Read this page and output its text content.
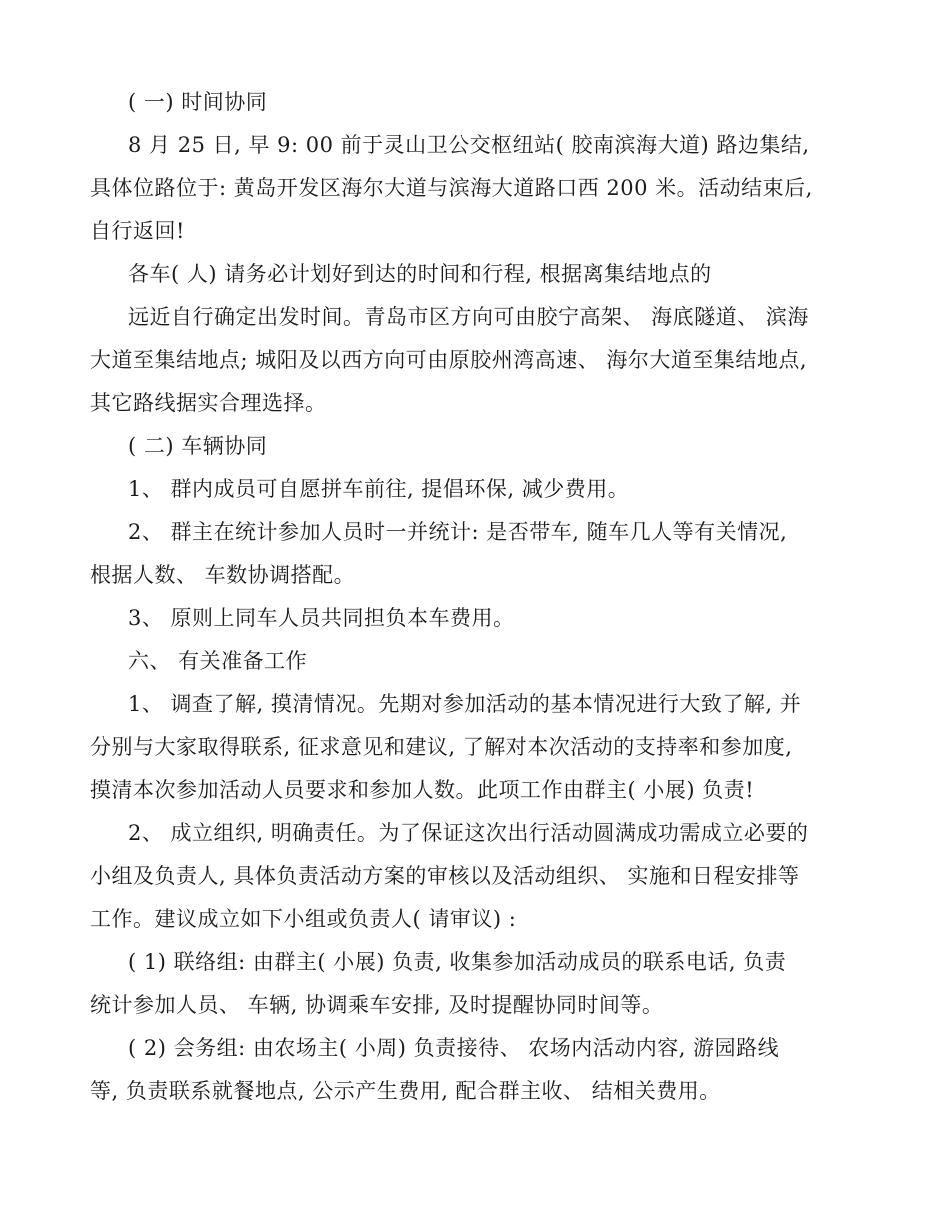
( 一) 时间协同
8 月 25 日, 早 9: 00 前于灵山卫公交枢纽站( 胶南滨海大道) 路边集结,
具体位路位于: 黄岛开发区海尔大道与滨海大道路口西 200 米。活动结束后,
自行返回!
各车( 人) 请务必计划好到达的时间和行程, 根据离集结地点的
远近自行确定出发时间。青岛市区方向可由胶宁高架、 海底隧道、 滨海
大道至集结地点; 城阳及以西方向可由原胶州湾高速、 海尔大道至集结地点,
其它路线据实合理选择。
( 二) 车辆协同
1、 群内成员可自愿拼车前往, 提倡环保, 减少费用。
2、 群主在统计参加人员时一并统计: 是否带车, 随车几人等有关情况,
根据人数、 车数协调搭配。
3、 原则上同车人员共同担负本车费用。
六、 有关准备工作
1、 调查了解, 摸清情况。先期对参加活动的基本情况进行大致了解, 并
分别与大家取得联系, 征求意见和建议, 了解对本次活动的支持率和参加度,
摸清本次参加活动人员要求和参加人数。此项工作由群主( 小展) 负责!
2、 成立组织, 明确责任。为了保证这次出行活动圆满成功需成立必要的
小组及负责人, 具体负责活动方案的审核以及活动组织、 实施和日程安排等
工作。建议成立如下小组或负责人( 请审议) :
( 1) 联络组: 由群主( 小展) 负责, 收集参加活动成员的联系电话, 负责
统计参加人员、 车辆, 协调乘车安排, 及时提醒协同时间等。
( 2) 会务组: 由农场主( 小周) 负责接待、 农场内活动内容, 游园路线
等, 负责联系就餐地点, 公示产生费用, 配合群主收、 结相关费用。
